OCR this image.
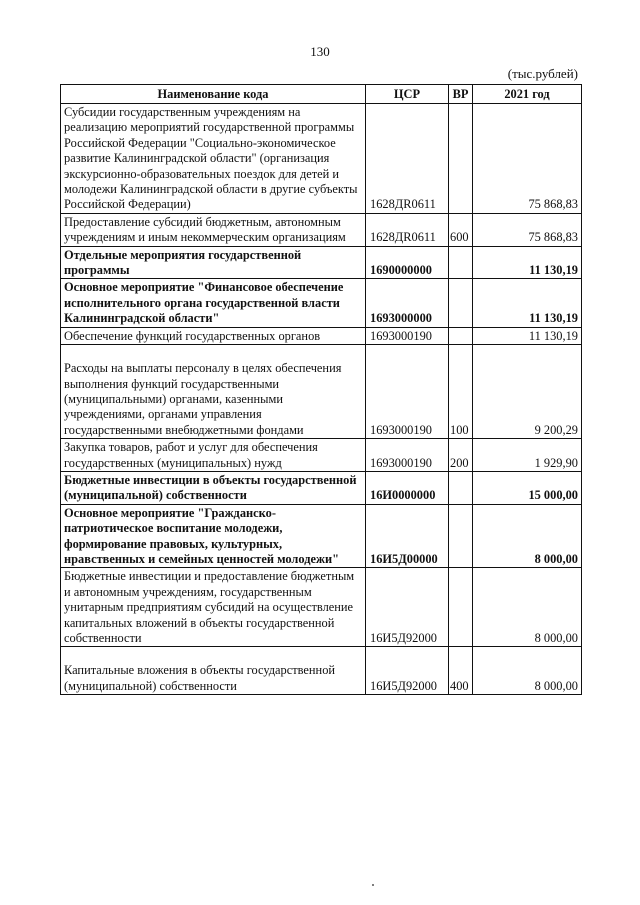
130
(тыс.рублей)
Наименование кода	ЦСР	ВР	2021 год
Субсидии государственным учреждениям на реализацию мероприятий государственной программы Российской Федерации "Социально-экономическое развитие Калининградской области" (организация экскурсионно-образовательных поездок для детей и молодежи Калининградской области в другие субъекты Российской Федерации)	1628ДR0611		75 868,83
Предоставление субсидий бюджетным, автономным учреждениям и иным некоммерческим организациям	1628ДR0611	600	75 868,83
Отдельные мероприятия государственной программы	1690000000		11 130,19
Основное мероприятие "Финансовое обеспечение исполнительного органа государственной власти Калининградской области"	1693000000		11 130,19
Обеспечение функций государственных органов	1693000190		11 130,19
Расходы на выплаты персоналу в целях обеспечения выполнения функций государственными (муниципальными) органами, казенными учреждениями, органами управления государственными внебюджетными фондами	1693000190	100	9 200,29
Закупка товаров, работ и услуг для обеспечения государственных (муниципальных) нужд	1693000190	200	1 929,90
Бюджетные инвестиции в объекты государственной (муниципальной) собственности	16И0000000		15 000,00
Основное мероприятие "Гражданско-патриотическое воспитание молодежи, формирование правовых, культурных, нравственных и семейных ценностей молодежи"	16И5Д00000		8 000,00
Бюджетные инвестиции и предоставление бюджетным и автономным учреждениям, государственным унитарным предприятиям субсидий на осуществление капитальных вложений в объекты государственной собственности	16И5Д92000		8 000,00
Капитальные вложения в объекты государственной (муниципальной) собственности	16И5Д92000	400	8 000,00
